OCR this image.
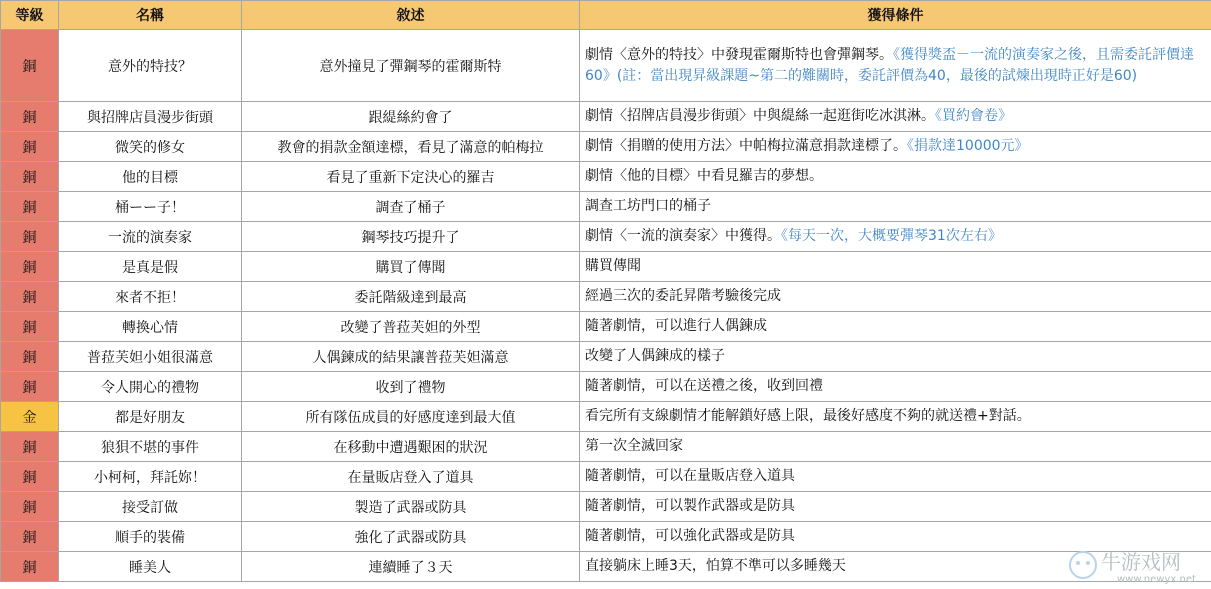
等級	名稱	敘述	獲得條件
銅	意外的特技？	意外撞見了彈鋼琴的霍爾斯特	劇情〈意外的特技〉中發現霍爾斯特也會彈鋼琴。《獲得獎盃－一流的演奏家之後，且需委託評價達60》(註：當出現昇級課題~第二的難關時，委託評價為40，最後的試煉出現時正好是60)
銅	與招牌店員漫步街頭	跟緹絲約會了	劇情〈招牌店員漫步街頭〉中與緹絲一起逛街吃冰淇淋。《買約會卷》
銅	微笑的修女	教會的捐款金額達標，看見了滿意的帕梅拉	劇情〈捐贈的使用方法〉中帕梅拉滿意捐款達標了。《捐款達10000元》
銅	他的目標	看見了重新下定決心的羅吉	劇情〈他的目標〉中看見羅吉的夢想。
銅	桶ーー子！	調查了桶子	調查工坊門口的桶子
銅	一流的演奏家	鋼琴技巧提升了	劇情〈一流的演奏家〉中獲得。《每天一次，大概要彈琴31次左右》
銅	是真是假	購買了傳聞	購買傳聞
銅	來者不拒！	委託階級達到最高	經過三次的委託昇階考驗後完成
銅	轉換心情	改變了普菈芙妲的外型	隨著劇情，可以進行人偶鍊成
銅	普菈芙妲小姐很滿意	人偶鍊成的結果讓普菈芙妲滿意	改變了人偶鍊成的樣子
銅	令人開心的禮物	收到了禮物	隨著劇情，可以在送禮之後，收到回禮
金	都是好朋友	所有隊伍成員的好感度達到最大值	看完所有支線劇情才能解鎖好感上限，最後好感度不夠的就送禮+對話。
銅	狼狽不堪的事件	在移動中遭遇艱困的狀況	第一次全滅回家
銅	小柯柯，拜託妳！	在量販店登入了道具	隨著劇情，可以在量販店登入道具
銅	接受訂做	製造了武器或防具	隨著劇情，可以製作武器或是防具
銅	順手的裝備	強化了武器或防具	隨著劇情，可以強化武器或是防具
銅	睡美人	連續睡了３天	直接躺床上睡3天，怕算不準可以多睡幾天	牛游戏网
www.newyx.net
